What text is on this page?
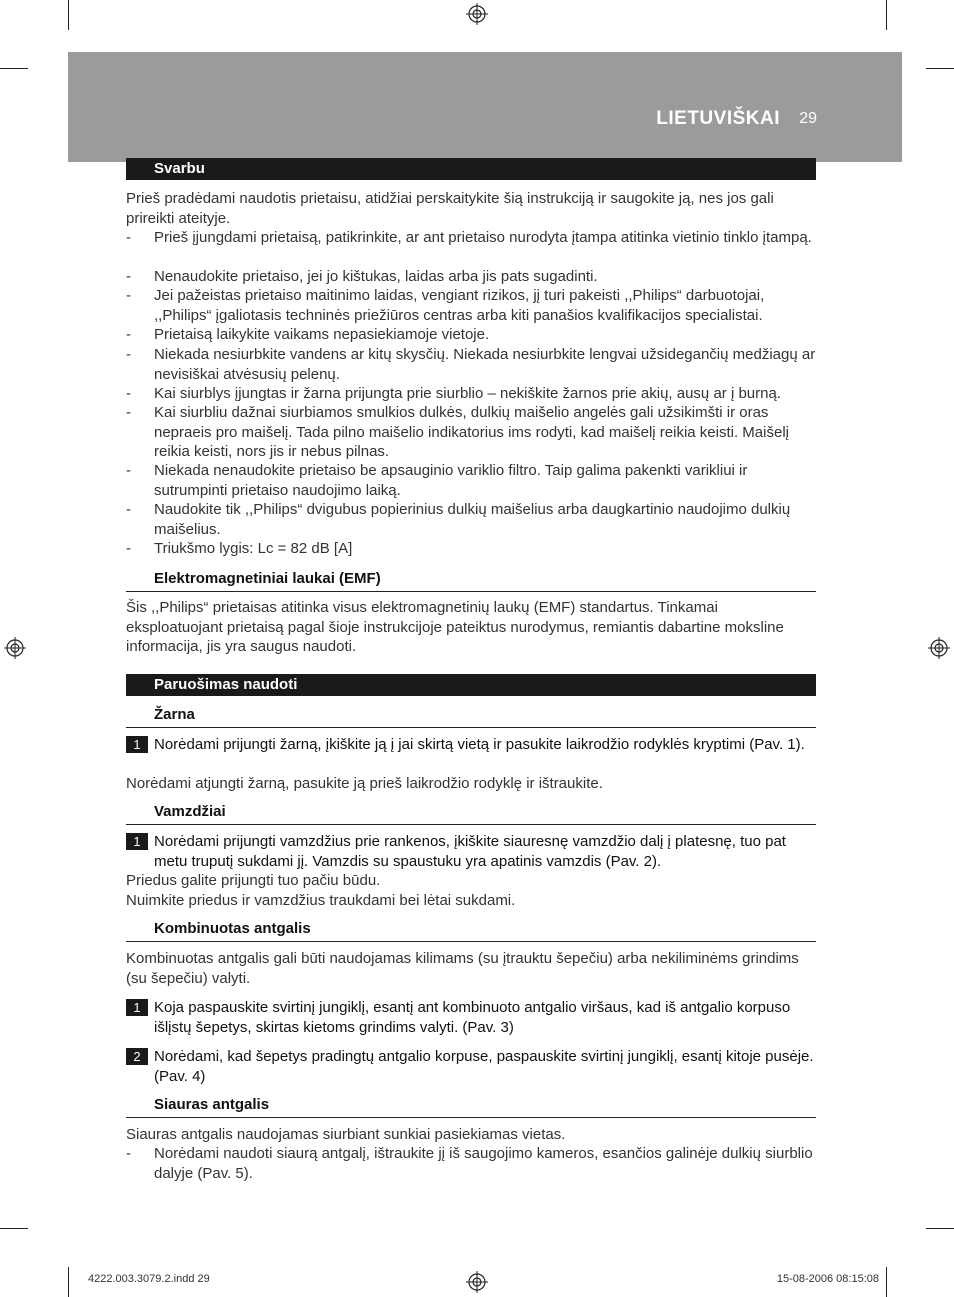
LIETUVIŠKAI 29
Svarbu
Prieš pradėdami naudotis prietaisu, atidžiai perskaitykite šią instrukciją ir saugokite ją, nes jos gali prireikti ateityje.
- Prieš įjungdami prietaisą, patikrinkite, ar ant prietaiso nurodyta įtampa atitinka vietinio tinklo įtampą.
- Nenaudokite prietaiso, jei jo kištukas, laidas arba jis pats sugadinti.
- Jei pažeistas prietaiso maitinimo laidas, vengiant rizikos, jį turi pakeisti ,,Philips“ darbuotojai, ,,Philips“ įgaliotasis techninės priežiūros centras arba kiti panašios kvalifikacijos specialistai.
- Prietaisą laikykite vaikams nepasiekiamoje vietoje.
- Niekada nesiurbkite vandens ar kitų skysčių. Niekada nesiurbkite lengvai užsidegančių medžiagų ar nevisiškai atvėsusių pelenų.
- Kai siurblys įjungtas ir žarna prijungta prie siurblio – nekiškite žarnos prie akių, ausų ar į burną.
- Kai siurbliu dažnai siurbiamos smulkios dulkės, dulkių maišelio angelės gali užsikimšti ir oras nepraeis pro maišelį. Tada pilno maišelio indikatorius ims rodyti, kad maišelį reikia keisti. Maišelį reikia keisti, nors jis ir nebus pilnas.
- Niekada nenaudokite prietaiso be apsauginio variklio filtro. Taip galima pakenkti varikliui ir sutrumpinti prietaiso naudojimo laiką.
- Naudokite tik ,,Philips“ dvigubus popierinius dulkių maišelius arba daugkartinio naudojimo dulkių maišelius.
- Triukšmo lygis: Lc = 82 dB [A]
Elektromagnetiniai laukai (EMF)
Šis ,,Philips“ prietaisas atitinka visus elektromagnetinių laukų (EMF) standartus. Tinkamai eksploatuojant prietaisą pagal šioje instrukcijoje pateiktus nurodymus, remiantis dabartine moksline informacija, jis yra saugus naudoti.
Paruošimas naudoti
Žarna
1 Norėdami prijungti žarną, įkiškite ją į jai skirtą vietą ir pasukite laikrodžio rodyklės kryptimi (Pav. 1).
Norėdami atjungti žarną, pasukite ją prieš laikrodžio rodyklę ir ištraukite.
Vamzdžiai
1 Norėdami prijungti vamzdžius prie rankenos, įkiškite siauresnę vamzdžio dalį į platesnę, tuo pat metu truputį sukdami jį. Vamzdis su spaustuku yra apatinis vamzdis (Pav. 2).
Priedus galite prijungti tuo pačiu būdu.
Nuimkite priedus ir vamzdžius traukdami bei lėtai sukdami.
Kombinuotas antgalis
Kombinuotas antgalis gali būti naudojamas kilimams (su įtrauktu šepečiu) arba nekiliminėms grindims (su šepečiu) valyti.
1 Koja paspauskite svirtinį jungiklį, esantį ant kombinuoto antgalio viršaus, kad iš antgalio korpuso išlįstų šepetys, skirtas kietoms grindims valyti. (Pav. 3)
2 Norėdami, kad šepetys pradingtų antgalio korpuse, paspauskite svirtinį jungiklį, esantį kitoje pusėje. (Pav. 4)
Siauras antgalis
Siauras antgalis naudojamas siurbiant sunkiai pasiekiamas vietas.
- Norėdami naudoti siaurą antgalį, ištraukite jį iš saugojimo kameros, esančios galinėje dulkių siurblio dalyje (Pav. 5).
4222.003.3079.2.indd 29	15-08-2006 08:15:08
